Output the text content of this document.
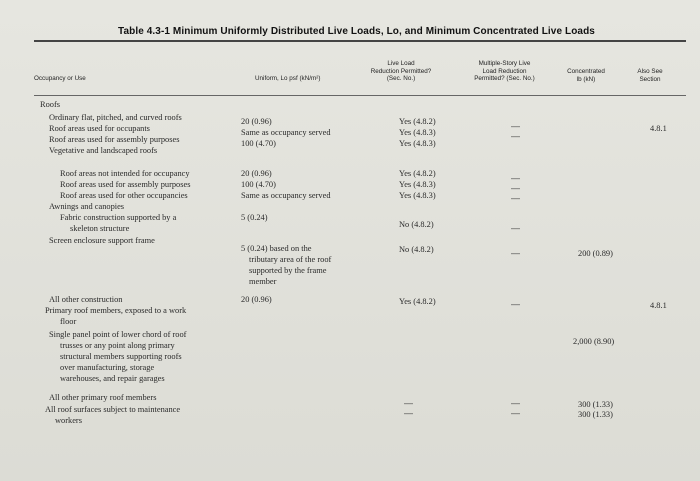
Table 4.3-1 Minimum Uniformly Distributed Live Loads, Lo, and Minimum Concentrated Live Loads
Occupancy or Use	Uniform, Lo psf (kN/m²)
Live Load
Reduction Permitted?
(Sec. No.)
Multiple-Story Live
Load Reduction
Permitted? (Sec. No.)
Concentrated
lb (kN)
Also See
Section
Roofs
Ordinary flat, pitched, and curved roofs
Roof areas used for occupants
Roof areas used for assembly purposes
Vegetative and landscaped roofs
Roof areas not intended for occupancy
Roof areas used for assembly purposes
Roof areas used for other occupancies
Awnings and canopies
Fabric construction supported by a
skeleton structure
Screen enclosure support frame
All other construction
Primary roof members, exposed to a work
floor
Single panel point of lower chord of roof
trusses or any point along primary
structural members supporting roofs
over manufacturing, storage
warehouses, and repair garages
All other primary roof members
All roof surfaces subject to maintenance
workers
20 (0.96)
Same as occupancy served
100 (4.70)
20 (0.96)
100 (4.70)
Same as occupancy served
5 (0.24)
5 (0.24) based on the
tributary area of the roof
supported by the frame
member
20 (0.96)
Yes (4.8.2)
Yes (4.8.3)
Yes (4.8.3)
Yes (4.8.2)
Yes (4.8.3)
Yes (4.8.3)
No (4.8.2)
No (4.8.2)
Yes (4.8.2)
—
—
—
—
—
—
—
—
—
—
—
—
200 (0.89)
2,000 (8.90)
300 (1.33)
300 (1.33)
4.8.1
4.8.1
